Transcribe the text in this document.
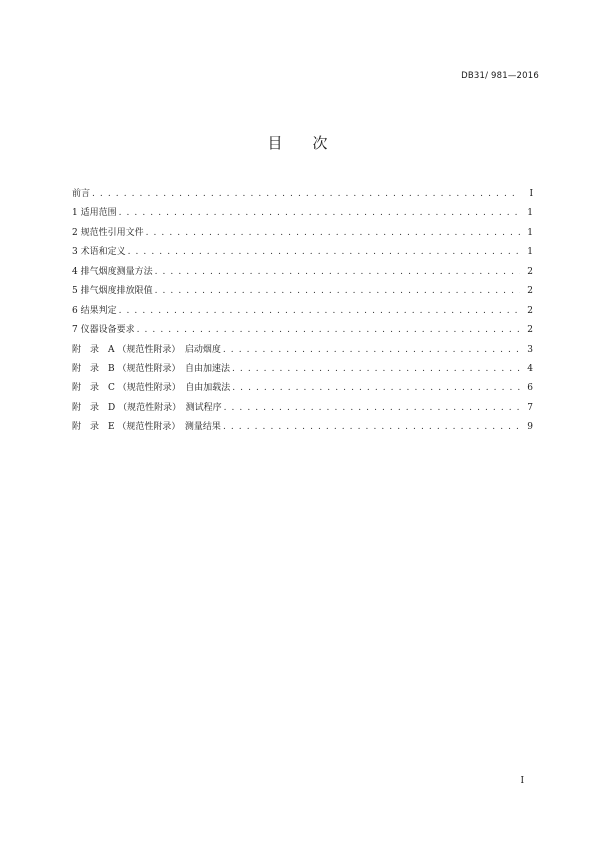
DB31/ 981—2016
目次
前言 . . .	I
1 适用范围 . . .	1
2 规范性引用文件 . . .	1
3 术语和定义 . . .	1
4 排气烟度测量方法 . . .	2
5 排气烟度排放限值 . . .	2
6 结果判定 . . .	2
7 仪器设备要求 . . .	2
附　录　A （规范性附录）　启动烟度 . . .	3
附　录　B （规范性附录）　自由加速法 . . .	4
附　录　C （规范性附录）　自由加载法 . . .	6
附　录　D （规范性附录）　测试程序 . . .	7
附　录　E （规范性附录）　测量结果 . . .	9
I
